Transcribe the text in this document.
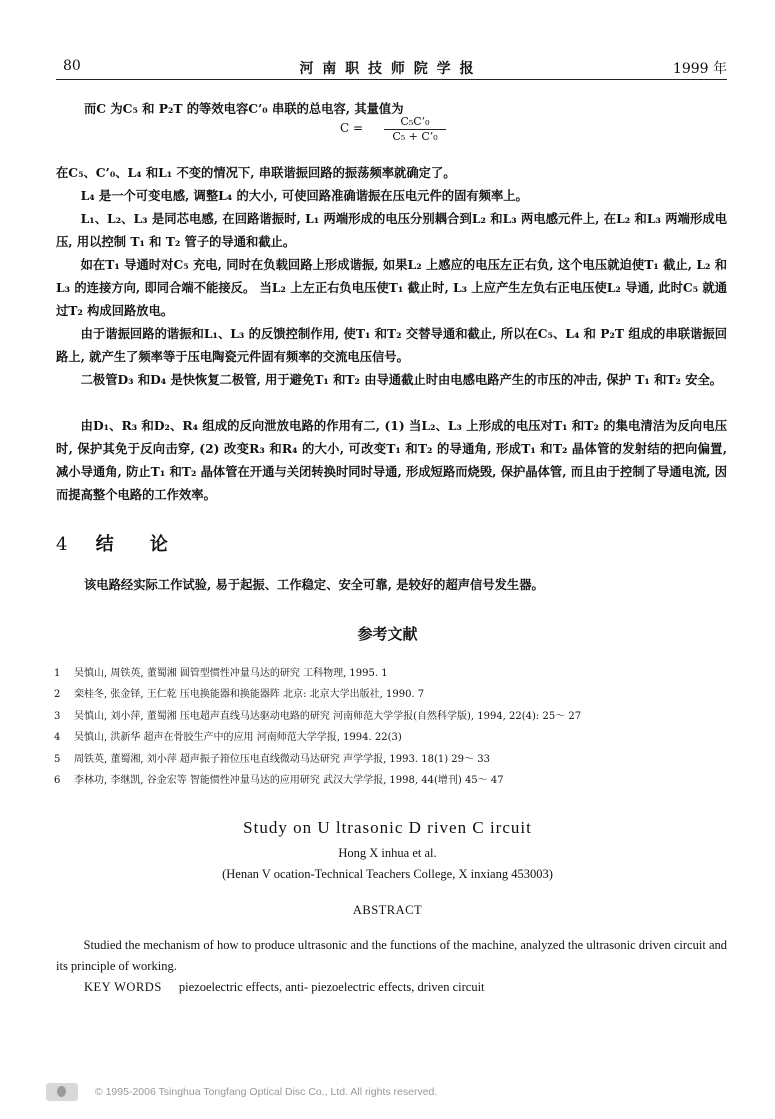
80	河 南 职 技 师 院 学 报	1999 年

而C 为C₅ 和 P₂T 的等效电容C’₀ 串联的总电容, 其量值为

$C = \frac{\text{C₅C’₀}}{\text{C₅ + C’₀}}$

在C₅、C’₀、L₄ 和L₁ 不变的情况下, 串联谐振回路的振荡频率就确定了。

L₄ 是一个可变电感, 调整L₄ 的大小, 可使回路准确谐振在压电元件的固有频率上。

L₁、L₂、L₃ 是同芯电感, 在回路谐振时, L₁ 两端形成的电压分别耦合到L₂ 和L₃ 两电感元件上, 在L₂ 和L₃ 两端形成电压, 用以控制 T₁ 和 T₂ 管子的导通和截止。

如在T₁ 导通时对C₅ 充电, 同时在负载回路上形成谐振, 如果L₂ 上感应的电压左正右负, 这个电压就迫使T₁ 截止, L₂ 和L₃ 的连接方向, 即同合端不能接反。 当L₂ 上左正右负电压使T₁ 截止时, L₃ 上应产生左负右正电压使L₂ 导通, 此时C₅ 就通过T₂ 构成回路放电。

由于谐振回路的谐振和L₁、L₃ 的反馈控制作用, 使T₁ 和T₂ 交替导通和截止, 所以在C₅、L₄ 和 P₂T 组成的串联谐振回路上, 就产生了频率等于压电陶瓷元件固有频率的交流电压信号。

二极管D₃ 和D₄ 是快恢复二极管, 用于避免T₁ 和T₂ 由导通截止时由电感电路产生的市压的冲击, 保护 T₁ 和T₂ 安全。

由D₁、R₃ 和D₂、R₄ 组成的反向泄放电路的作用有二, (1) 当L₂、L₃ 上形成的电压对T₁ 和T₂ 的集电清洁为反向电压时, 保护其免于反向击穿, (2) 改变R₃ 和R₄ 的大小, 可改变T₁ 和T₂ 的导通角, 形成T₁ 和T₂ 晶体管的发射结的把向偏置, 减小导通角, 防止T₁ 和T₂ 晶体管在开通与关闭转换时同时导通, 形成短路而烧毁, 保护晶体管, 而且由于控制了导通电流, 因而提高整个电路的工作效率。

4 结　　论
该电路经实际工作试验, 易于起振、工作稳定、安全可靠, 是较好的超声信号发生器。
参考文献
1 吴慎山, 周铁英, 董蜀湘 圆管型惯性冲量马达的研究 工科物理, 1995. 1
2 栾桂冬, 张金铎, 王仁乾 压电换能器和换能器阵 北京: 北京大学出版社, 1990. 7
3 吴慎山, 刘小萍, 董蜀湘 压电超声直线马达驱动电路的研究 河南师范大学学报(自然科学版), 1994, 22(4): 25～ 27
4 吴慎山, 洪新华 超声在骨胶生产中的应用 河南师范大学学报, 1994. 22(3)
5 周铁英, 董蜀湘, 刘小萍 超声振子箝位压电直线微动马达研究 声学学报, 1993. 18(1) 29～ 33
6 李林功, 李继凯, 谷金宏等 智能惯性冲量马达的应用研究 武汉大学学报, 1998, 44(增刊) 45～ 47
Study on U ltrasonic D riven C ircuit
Hong X inhua et al.
(Henan V ocation-Technical Teachers College, X inxiang 453003)
ABSTRACT

Studied the mechanism of how to produce ultrasonic and the functions of the machine, analyzed the ultrasonic driven circuit and its principle of working.

KEY WORDS piezoelectric effects, anti- piezoelectric effects, driven circuit
© 1995-2006 Tsinghua Tongfang Optical Disc Co., Ltd. All rights reserved.
